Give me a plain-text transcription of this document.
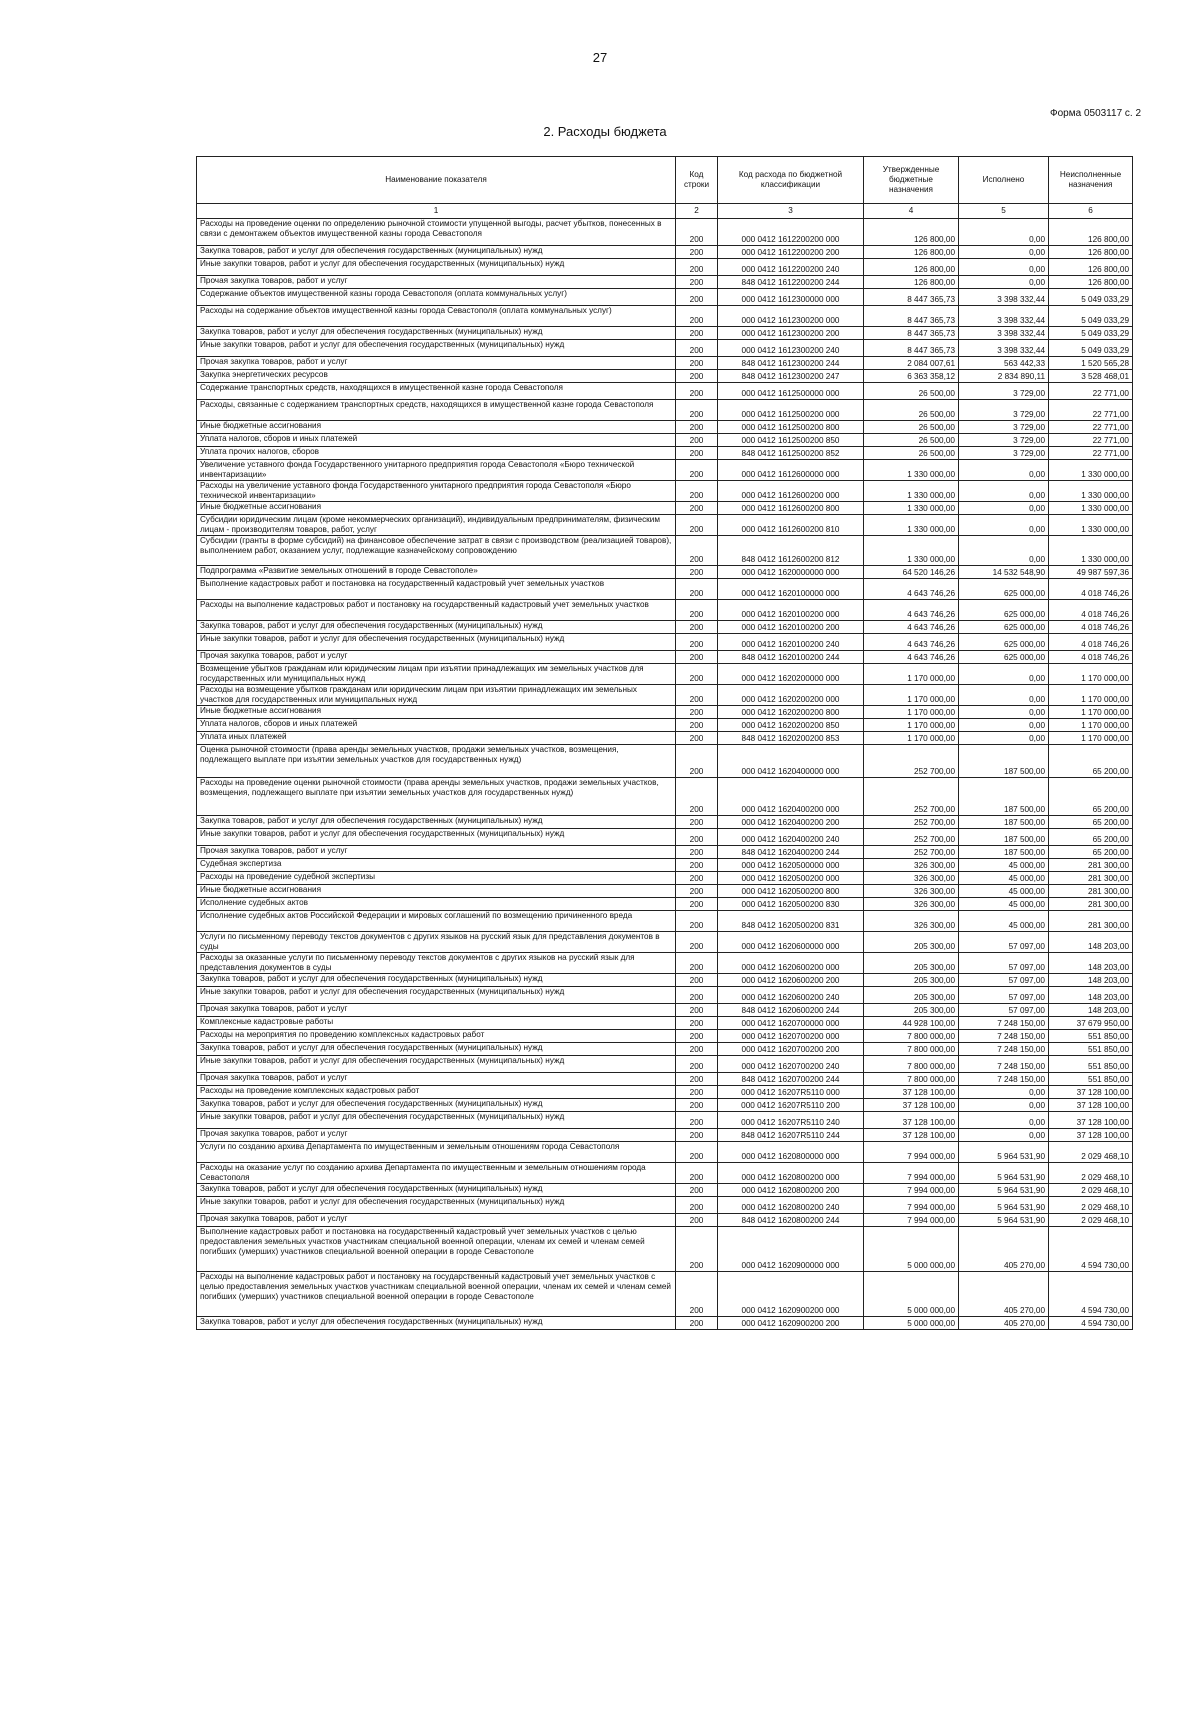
27
Форма 0503117 с. 2
2. Расходы бюджета
Наименование показателя	Код строки	Код расхода по бюджетной классификации	Утвержденные бюджетные назначения	Исполнено	Неисполненные назначения
1	2	3	4	5	6
Расходы на проведение оценки по определению рыночной стоимости упущенной выгоды, расчет убытков, понесенных в связи с демонтажем объектов имущественной казны города Севастополя	200	000 0412 1612200200 000	126 800,00	0,00	126 800,00
Закупка товаров, работ и услуг для обеспечения государственных (муниципальных) нужд	200	000 0412 1612200200 200	126 800,00	0,00	126 800,00
Иные закупки товаров, работ и услуг для обеспечения государственных (муниципальных) нужд	200	000 0412 1612200200 240	126 800,00	0,00	126 800,00
Прочая закупка товаров, работ и услуг	200	848 0412 1612200200 244	126 800,00	0,00	126 800,00
Содержание объектов имущественной казны города Севастополя (оплата коммунальных услуг)	200	000 0412 1612300000 000	8 447 365,73	3 398 332,44	5 049 033,29
Расходы на содержание объектов имущественной казны города Севастополя (оплата коммунальных услуг)	200	000 0412 1612300200 000	8 447 365,73	3 398 332,44	5 049 033,29
Закупка товаров, работ и услуг для обеспечения государственных (муниципальных) нужд	200	000 0412 1612300200 200	8 447 365,73	3 398 332,44	5 049 033,29
Иные закупки товаров, работ и услуг для обеспечения государственных (муниципальных) нужд	200	000 0412 1612300200 240	8 447 365,73	3 398 332,44	5 049 033,29
Прочая закупка товаров, работ и услуг	200	848 0412 1612300200 244	2 084 007,61	563 442,33	1 520 565,28
Закупка энергетических ресурсов	200	848 0412 1612300200 247	6 363 358,12	2 834 890,11	3 528 468,01
Содержание транспортных средств, находящихся в имущественной казне города Севастополя	200	000 0412 1612500000 000	26 500,00	3 729,00	22 771,00
Расходы, связанные с содержанием транспортных средств, находящихся в имущественной казне города Севастополя	200	000 0412 1612500200 000	26 500,00	3 729,00	22 771,00
Иные бюджетные ассигнования	200	000 0412 1612500200 800	26 500,00	3 729,00	22 771,00
Уплата налогов, сборов и иных платежей	200	000 0412 1612500200 850	26 500,00	3 729,00	22 771,00
Уплата прочих налогов, сборов	200	848 0412 1612500200 852	26 500,00	3 729,00	22 771,00
Увеличение уставного фонда Государственного унитарного предприятия города Севастополя «Бюро технической инвентаризации»	200	000 0412 1612600000 000	1 330 000,00	0,00	1 330 000,00
Расходы на увеличение уставного фонда Государственного унитарного предприятия города Севастополя «Бюро технической инвентаризации»	200	000 0412 1612600200 000	1 330 000,00	0,00	1 330 000,00
Иные бюджетные ассигнования	200	000 0412 1612600200 800	1 330 000,00	0,00	1 330 000,00
Субсидии юридическим лицам (кроме некоммерческих организаций), индивидуальным предпринимателям, физическим лицам - производителям товаров, работ, услуг	200	000 0412 1612600200 810	1 330 000,00	0,00	1 330 000,00
Субсидии (гранты в форме субсидий) на финансовое обеспечение затрат в связи с производством (реализацией товаров), выполнением работ, оказанием услуг, подлежащие казначейскому сопровождению	200	848 0412 1612600200 812	1 330 000,00	0,00	1 330 000,00
Подпрограмма «Развитие земельных отношений в городе Севастополе»	200	000 0412 1620000000 000	64 520 146,26	14 532 548,90	49 987 597,36
Выполнение кадастровых работ и постановка на государственный кадастровый учет земельных участков	200	000 0412 1620100000 000	4 643 746,26	625 000,00	4 018 746,26
Расходы на выполнение кадастровых работ и постановку на государственный кадастровый учет земельных участков	200	000 0412 1620100200 000	4 643 746,26	625 000,00	4 018 746,26
Закупка товаров, работ и услуг для обеспечения государственных (муниципальных) нужд	200	000 0412 1620100200 200	4 643 746,26	625 000,00	4 018 746,26
Иные закупки товаров, работ и услуг для обеспечения государственных (муниципальных) нужд	200	000 0412 1620100200 240	4 643 746,26	625 000,00	4 018 746,26
Прочая закупка товаров, работ и услуг	200	848 0412 1620100200 244	4 643 746,26	625 000,00	4 018 746,26
Возмещение убытков гражданам или юридическим лицам при изъятии принадлежащих им земельных участков для государственных или муниципальных нужд	200	000 0412 1620200000 000	1 170 000,00	0,00	1 170 000,00
Расходы на возмещение убытков гражданам или юридическим лицам при изъятии принадлежащих им земельных участков для государственных или муниципальных нужд	200	000 0412 1620200200 000	1 170 000,00	0,00	1 170 000,00
Иные бюджетные ассигнования	200	000 0412 1620200200 800	1 170 000,00	0,00	1 170 000,00
Уплата налогов, сборов и иных платежей	200	000 0412 1620200200 850	1 170 000,00	0,00	1 170 000,00
Уплата иных платежей	200	848 0412 1620200200 853	1 170 000,00	0,00	1 170 000,00
Оценка рыночной стоимости (права аренды земельных участков, продажи земельных участков, возмещения, подлежащего выплате при изъятии земельных участков для государственных нужд)	200	000 0412 1620400000 000	252 700,00	187 500,00	65 200,00
Расходы на проведение оценки рыночной стоимости (права аренды земельных участков, продажи земельных участков, возмещения, подлежащего выплате при изъятии земельных участков для государственных нужд)	200	000 0412 1620400200 000	252 700,00	187 500,00	65 200,00
Закупка товаров, работ и услуг для обеспечения государственных (муниципальных) нужд	200	000 0412 1620400200 200	252 700,00	187 500,00	65 200,00
Иные закупки товаров, работ и услуг для обеспечения государственных (муниципальных) нужд	200	000 0412 1620400200 240	252 700,00	187 500,00	65 200,00
Прочая закупка товаров, работ и услуг	200	848 0412 1620400200 244	252 700,00	187 500,00	65 200,00
Судебная экспертиза	200	000 0412 1620500000 000	326 300,00	45 000,00	281 300,00
Расходы на проведение судебной экспертизы	200	000 0412 1620500200 000	326 300,00	45 000,00	281 300,00
Иные бюджетные ассигнования	200	000 0412 1620500200 800	326 300,00	45 000,00	281 300,00
Исполнение судебных актов	200	000 0412 1620500200 830	326 300,00	45 000,00	281 300,00
Исполнение судебных актов Российской Федерации и мировых соглашений по возмещению причиненного вреда	200	848 0412 1620500200 831	326 300,00	45 000,00	281 300,00
Услуги по письменному переводу текстов документов с других языков на русский язык для представления документов в суды	200	000 0412 1620600000 000	205 300,00	57 097,00	148 203,00
Расходы за оказанные услуги по письменному переводу текстов документов с других языков на русский язык для представления документов в суды	200	000 0412 1620600200 000	205 300,00	57 097,00	148 203,00
Закупка товаров, работ и услуг для обеспечения государственных (муниципальных) нужд	200	000 0412 1620600200 200	205 300,00	57 097,00	148 203,00
Иные закупки товаров, работ и услуг для обеспечения государственных (муниципальных) нужд	200	000 0412 1620600200 240	205 300,00	57 097,00	148 203,00
Прочая закупка товаров, работ и услуг	200	848 0412 1620600200 244	205 300,00	57 097,00	148 203,00
Комплексные кадастровые работы	200	000 0412 1620700000 000	44 928 100,00	7 248 150,00	37 679 950,00
Расходы на мероприятия по проведению комплексных кадастровых работ	200	000 0412 1620700200 000	7 800 000,00	7 248 150,00	551 850,00
Закупка товаров, работ и услуг для обеспечения государственных (муниципальных) нужд	200	000 0412 1620700200 200	7 800 000,00	7 248 150,00	551 850,00
Иные закупки товаров, работ и услуг для обеспечения государственных (муниципальных) нужд	200	000 0412 1620700200 240	7 800 000,00	7 248 150,00	551 850,00
Прочая закупка товаров, работ и услуг	200	848 0412 1620700200 244	7 800 000,00	7 248 150,00	551 850,00
Расходы на проведение комплексных кадастровых работ	200	000 0412 16207R5110 000	37 128 100,00	0,00	37 128 100,00
Закупка товаров, работ и услуг для обеспечения государственных (муниципальных) нужд	200	000 0412 16207R5110 200	37 128 100,00	0,00	37 128 100,00
Иные закупки товаров, работ и услуг для обеспечения государственных (муниципальных) нужд	200	000 0412 16207R5110 240	37 128 100,00	0,00	37 128 100,00
Прочая закупка товаров, работ и услуг	200	848 0412 16207R5110 244	37 128 100,00	0,00	37 128 100,00
Услуги по созданию архива Департамента по имущественным и земельным отношениям города Севастополя	200	000 0412 1620800000 000	7 994 000,00	5 964 531,90	2 029 468,10
Расходы на оказание услуг по созданию архива Департамента по имущественным и земельным отношениям города Севастополя	200	000 0412 1620800200 000	7 994 000,00	5 964 531,90	2 029 468,10
Закупка товаров, работ и услуг для обеспечения государственных (муниципальных) нужд	200	000 0412 1620800200 200	7 994 000,00	5 964 531,90	2 029 468,10
Иные закупки товаров, работ и услуг для обеспечения государственных (муниципальных) нужд	200	000 0412 1620800200 240	7 994 000,00	5 964 531,90	2 029 468,10
Прочая закупка товаров, работ и услуг	200	848 0412 1620800200 244	7 994 000,00	5 964 531,90	2 029 468,10
Выполнение кадастровых работ и постановка на государственный кадастровый учет земельных участков с целью предоставления земельных участков участникам специальной военной операции, членам их семей и членам семей погибших (умерших) участников специальной военной операции в городе Севастополе	200	000 0412 1620900000 000	5 000 000,00	405 270,00	4 594 730,00
Расходы на выполнение кадастровых работ и постановку на государственный кадастровый учет земельных участков с целью предоставления земельных участков участникам специальной военной операции, членам их семей и членам семей погибших (умерших) участников специальной военной операции в городе Севастополе	200	000 0412 1620900200 000	5 000 000,00	405 270,00	4 594 730,00
Закупка товаров, работ и услуг для обеспечения государственных (муниципальных) нужд	200	000 0412 1620900200 200	5 000 000,00	405 270,00	4 594 730,00
